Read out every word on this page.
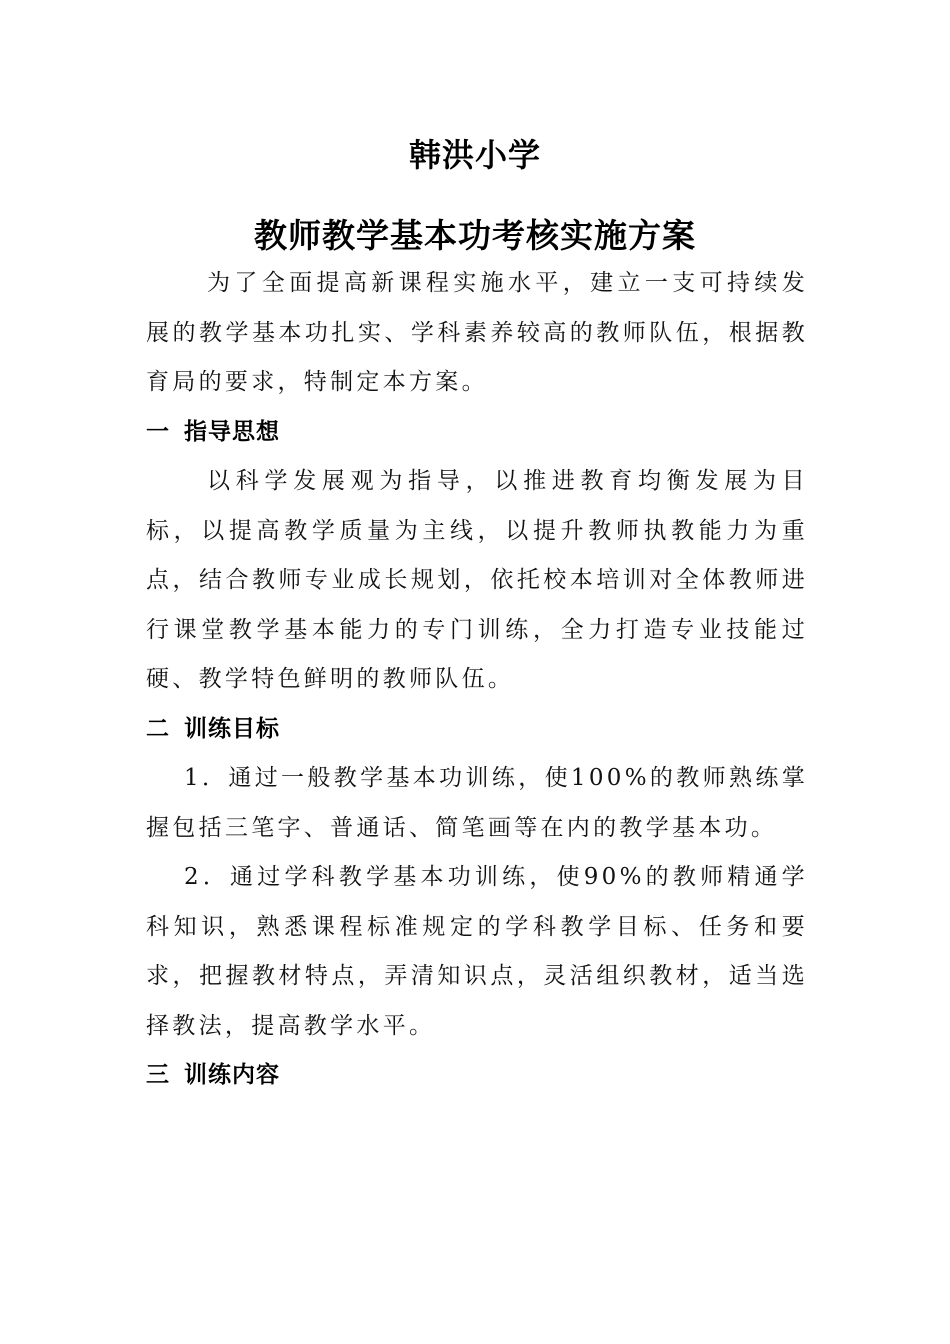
韩洪小学
教师教学基本功考核实施方案

为了全面提高新课程实施水平，建立一支可持续发展的教学基本功扎实、学科素养较高的教师队伍，根据教育局的要求，特制定本方案。

一 指导思想

以科学发展观为指导，以推进教育均衡发展为目标，以提高教学质量为主线，以提升教师执教能力为重点，结合教师专业成长规划，依托校本培训对全体教师进行课堂教学基本能力的专门训练，全力打造专业技能过硬、教学特色鲜明的教师队伍。

二 训练目标

1．通过一般教学基本功训练，使100%的教师熟练掌握包括三笔字、普通话、简笔画等在内的教学基本功。

2．通过学科教学基本功训练，使90%的教师精通学科知识，熟悉课程标准规定的学科教学目标、任务和要求，把握教材特点，弄清知识点，灵活组织教材，适当选择教法，提高教学水平。

三 训练内容
